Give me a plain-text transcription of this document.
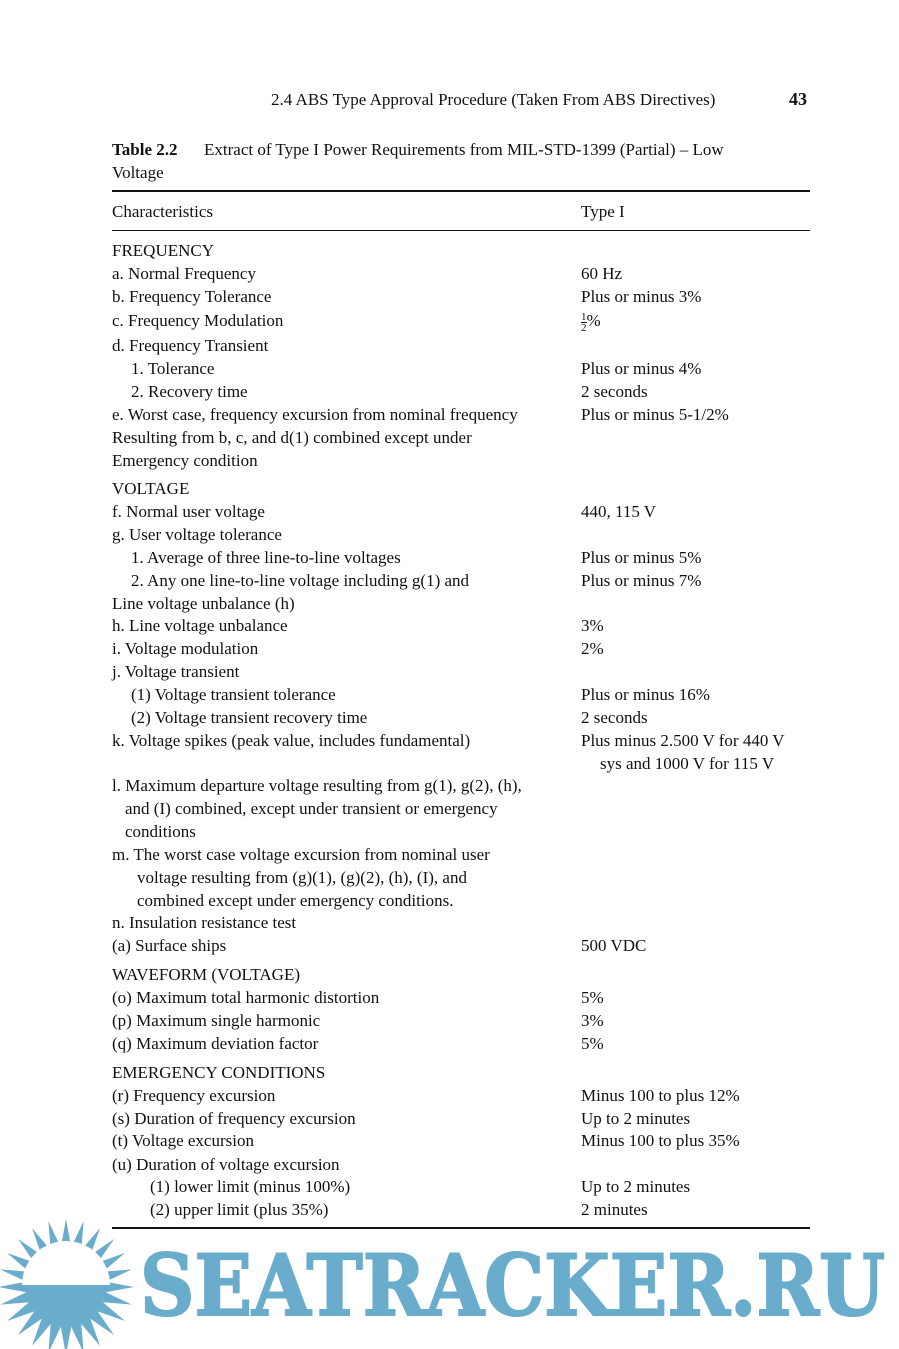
2.4 ABS Type Approval Procedure (Taken From ABS Directives)	43
Table 2.2 Extract of Type I Power Requirements from MIL-STD-1399 (Partial) – Low
Voltage
Characteristics	Type I
FREQUENCY
a. Normal Frequency	60 Hz
b. Frequency Tolerance	Plus or minus 3%
c. Frequency Modulation	$\frac{1}{2}$ %
d. Frequency Transient
1. Tolerance	Plus or minus 4%
2. Recovery time	2 seconds
e. Worst case, frequency excursion from nominal frequency	Plus or minus 5-1/2%
Resulting from b, c, and d(1) combined except under
Emergency condition
VOLTAGE
f. Normal user voltage	440, 115 V
g. User voltage tolerance
1. Average of three line-to-line voltages	Plus or minus 5%
2. Any one line-to-line voltage including g(1) and	Plus or minus 7%
Line voltage unbalance (h)
h. Line voltage unbalance	3%
i. Voltage modulation	2%
j. Voltage transient
(1) Voltage transient tolerance	Plus or minus 16%
(2) Voltage transient recovery time	2 seconds
k. Voltage spikes (peak value, includes fundamental)	Plus minus 2.500 V for 440 V
sys and 1000 V for 115 V
l. Maximum departure voltage resulting from g(1), g(2), (h),
and (I) combined, except under transient or emergency
conditions
m. The worst case voltage excursion from nominal user
voltage resulting from (g)(1), (g)(2), (h), (I), and
combined except under emergency conditions.
n. Insulation resistance test
(a) Surface ships	500 VDC
WAVEFORM (VOLTAGE)
(o) Maximum total harmonic distortion	5%
(p) Maximum single harmonic	3%
(q) Maximum deviation factor	5%
EMERGENCY CONDITIONS
(r) Frequency excursion	Minus 100 to plus 12%
(s) Duration of frequency excursion	Up to 2 minutes
(t) Voltage excursion	Minus 100 to plus 35%
(u) Duration of voltage excursion
(1) lower limit (minus 100%)	Up to 2 minutes
(2) upper limit (plus 35%)	2 minutes
SEATRACKER.RU
